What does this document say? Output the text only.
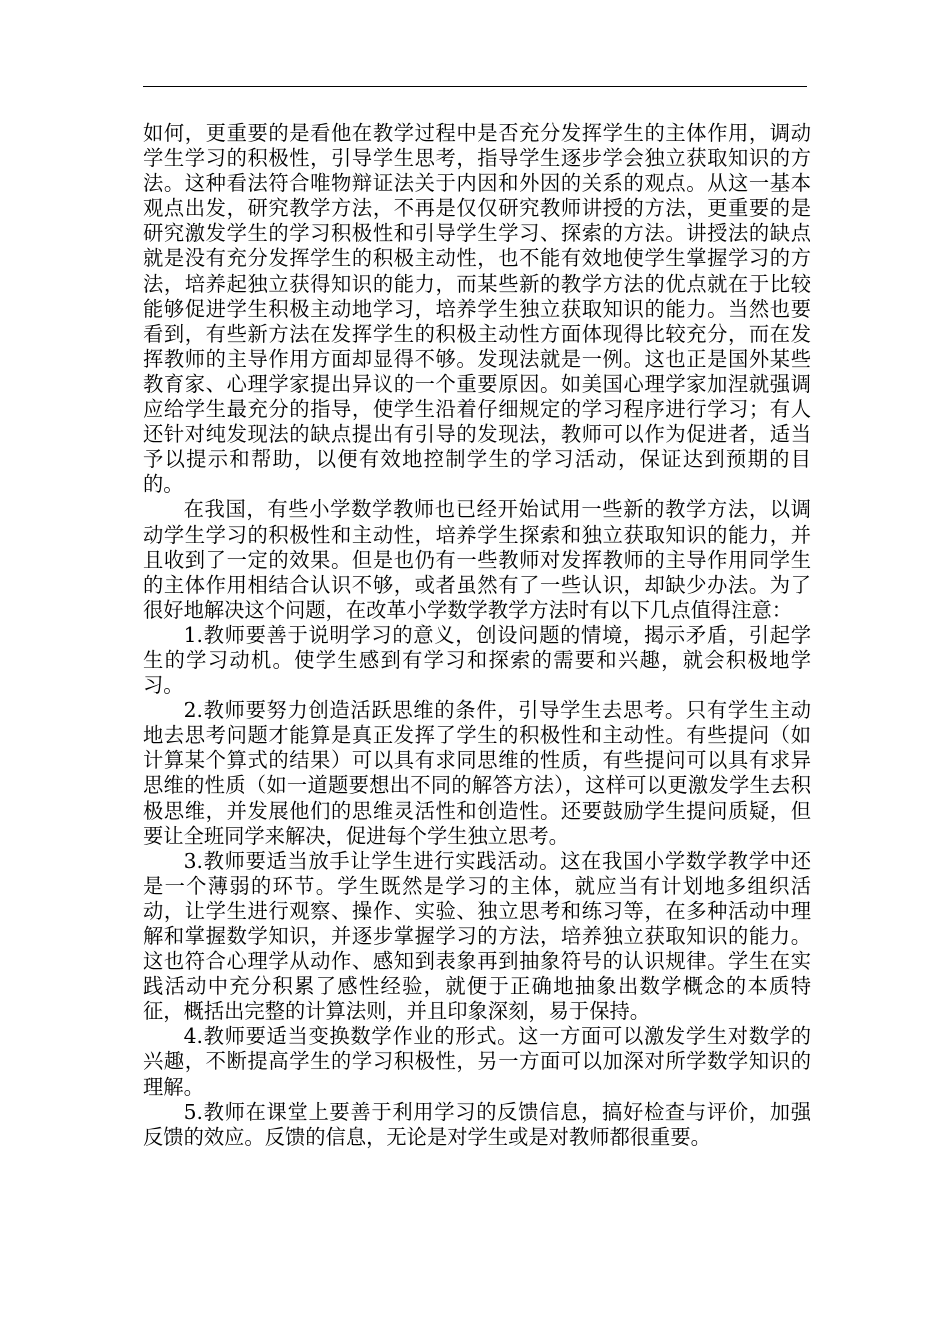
如何，更重要的是看他在教学过程中是否充分发挥学生的主体作用，调动学生学习的积极性，引导学生思考，指导学生逐步学会独立获取知识的方法。这种看法符合唯物辩证法关于内因和外因的关系的观点。从这一基本观点出发，研究教学方法，不再是仅仅研究教师讲授的方法，更重要的是研究激发学生的学习积极性和引导学生学习、探索的方法。讲授法的缺点就是没有充分发挥学生的积极主动性，也不能有效地使学生掌握学习的方法，培养起独立获得知识的能力，而某些新的教学方法的优点就在于比较能够促进学生积极主动地学习，培养学生独立获取知识的能力。当然也要看到，有些新方法在发挥学生的积极主动性方面体现得比较充分，而在发挥教师的主导作用方面却显得不够。发现法就是一例。这也正是国外某些教育家、心理学家提出异议的一个重要原因。如美国心理学家加涅就强调应给学生最充分的指导，使学生沿着仔细规定的学习程序进行学习；有人还针对纯发现法的缺点提出有引导的发现法，教师可以作为促进者，适当予以提示和帮助，以便有效地控制学生的学习活动，保证达到预期的目的。

在我国，有些小学数学教师也已经开始试用一些新的教学方法，以调动学生学习的积极性和主动性，培养学生探索和独立获取知识的能力，并且收到了一定的效果。但是也仍有一些教师对发挥教师的主导作用同学生的主体作用相结合认识不够，或者虽然有了一些认识，却缺少办法。为了很好地解决这个问题，在改革小学数学教学方法时有以下几点值得注意：

1.教师要善于说明学习的意义，创设问题的情境，揭示矛盾，引起学生的学习动机。使学生感到有学习和探索的需要和兴趣，就会积极地学习。

2.教师要努力创造活跃思维的条件，引导学生去思考。只有学生主动地去思考问题才能算是真正发挥了学生的积极性和主动性。有些提问（如计算某个算式的结果）可以具有求同思维的性质，有些提问可以具有求异思维的性质（如一道题要想出不同的解答方法），这样可以更激发学生去积极思维，并发展他们的思维灵活性和创造性。还要鼓励学生提问质疑，但要让全班同学来解决，促进每个学生独立思考。

3.教师要适当放手让学生进行实践活动。这在我国小学数学教学中还是一个薄弱的环节。学生既然是学习的主体，就应当有计划地多组织活动，让学生进行观察、操作、实验、独立思考和练习等，在多种活动中理解和掌握数学知识，并逐步掌握学习的方法，培养独立获取知识的能力。这也符合心理学从动作、感知到表象再到抽象符号的认识规律。学生在实践活动中充分积累了感性经验，就便于正确地抽象出数学概念的本质特征，概括出完整的计算法则，并且印象深刻，易于保持。

4.教师要适当变换数学作业的形式。这一方面可以激发学生对数学的兴趣，不断提高学生的学习积极性，另一方面可以加深对所学数学知识的理解。

5.教师在课堂上要善于利用学习的反馈信息，搞好检查与评价，加强反馈的效应。反馈的信息，无论是对学生或是对教师都很重要。
